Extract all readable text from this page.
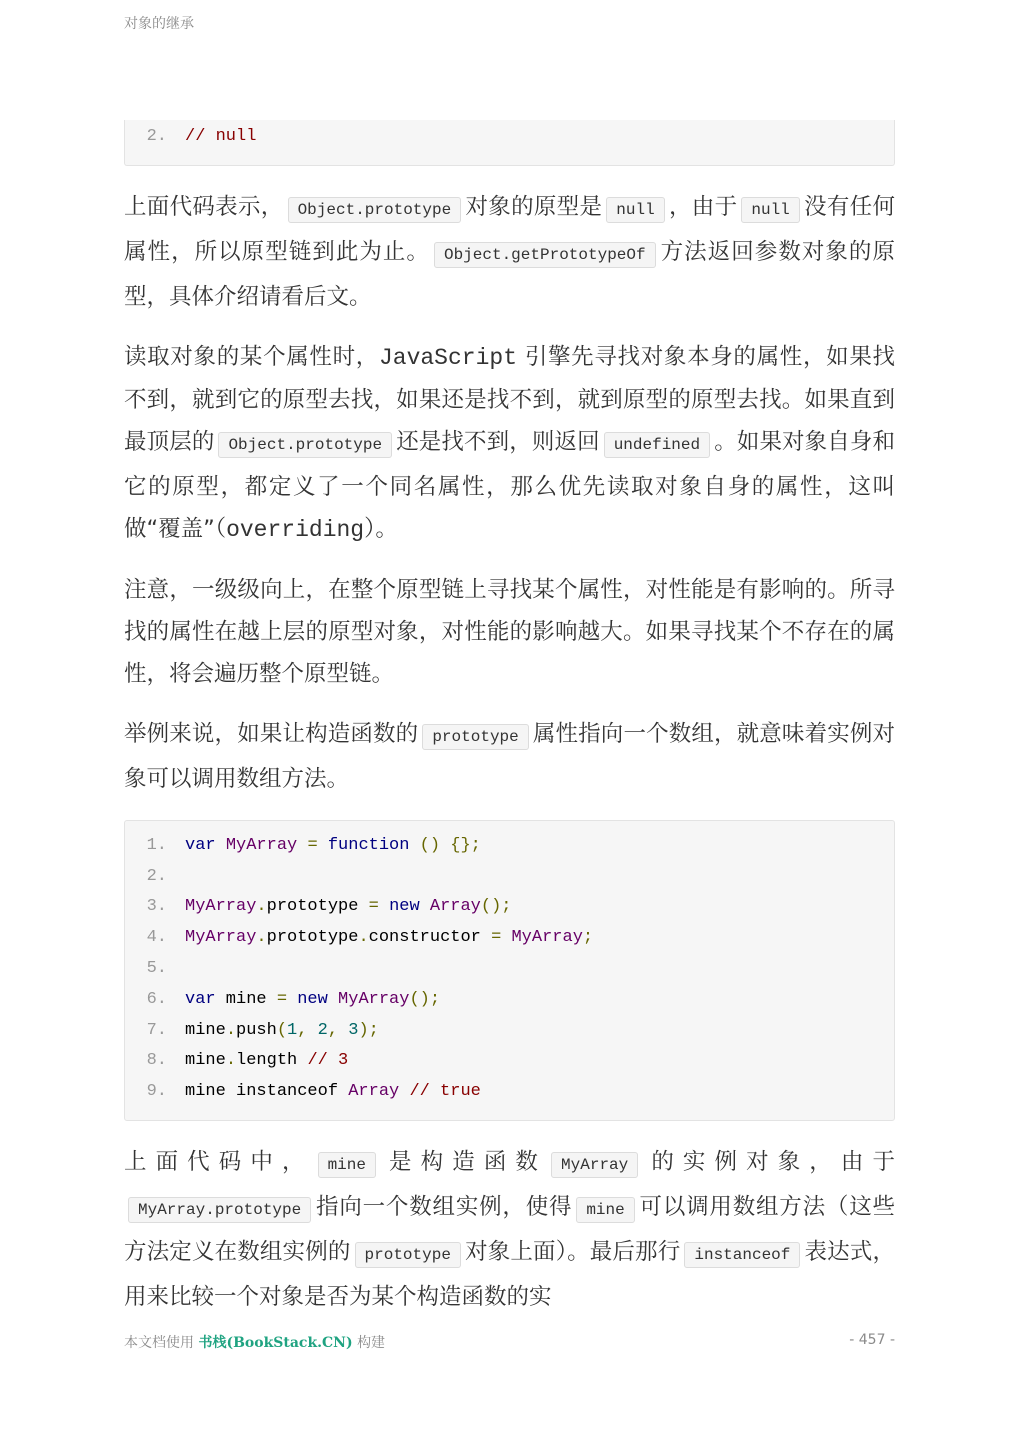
对象的继承
2. // null

上面代码表示， Object.prototype 对象的原型是 null ，由于 null 没有任何属性，所以原型链到此为止。 Object.getPrototypeOf 方法返回参数对象的原型，具体介绍请看后文。

读取对象的某个属性时，JavaScript 引擎先寻找对象本身的属性，如果找不到，就到它的原型去找，如果还是找不到，就到原型的原型去找。如果直到最顶层的 Object.prototype 还是找不到，则返回 undefined 。如果对象自身和它的原型，都定义了一个同名属性，那么优先读取对象自身的属性，这叫做“覆盖”（overriding）。

注意，一级级向上，在整个原型链上寻找某个属性，对性能是有影响的。所寻找的属性在越上层的原型对象，对性能的影响越大。如果寻找某个不存在的属性，将会遍历整个原型链。

举例来说，如果让构造函数的 prototype 属性指向一个数组，就意味着实例对象可以调用数组方法。

1. var MyArray = function () {};
2.
3. MyArray.prototype = new Array();
4. MyArray.prototype.constructor = MyArray;
5.
6. var mine = new MyArray();
7. mine.push(1, 2, 3);
8. mine.length // 3
9. mine instanceof Array // true

上面代码中， mine 是构造函数 MyArray 的实例对象，由于MyArray.prototype 指向一个数组实例，使得 mine 可以调用数组方法（这些方法定义在数组实例的 prototype 对象上面）。最后那行 instanceof 表达式，用来比较一个对象是否为某个构造函数的实

本文档使用 书栈(BookStack.CN) 构建	- 457 -
